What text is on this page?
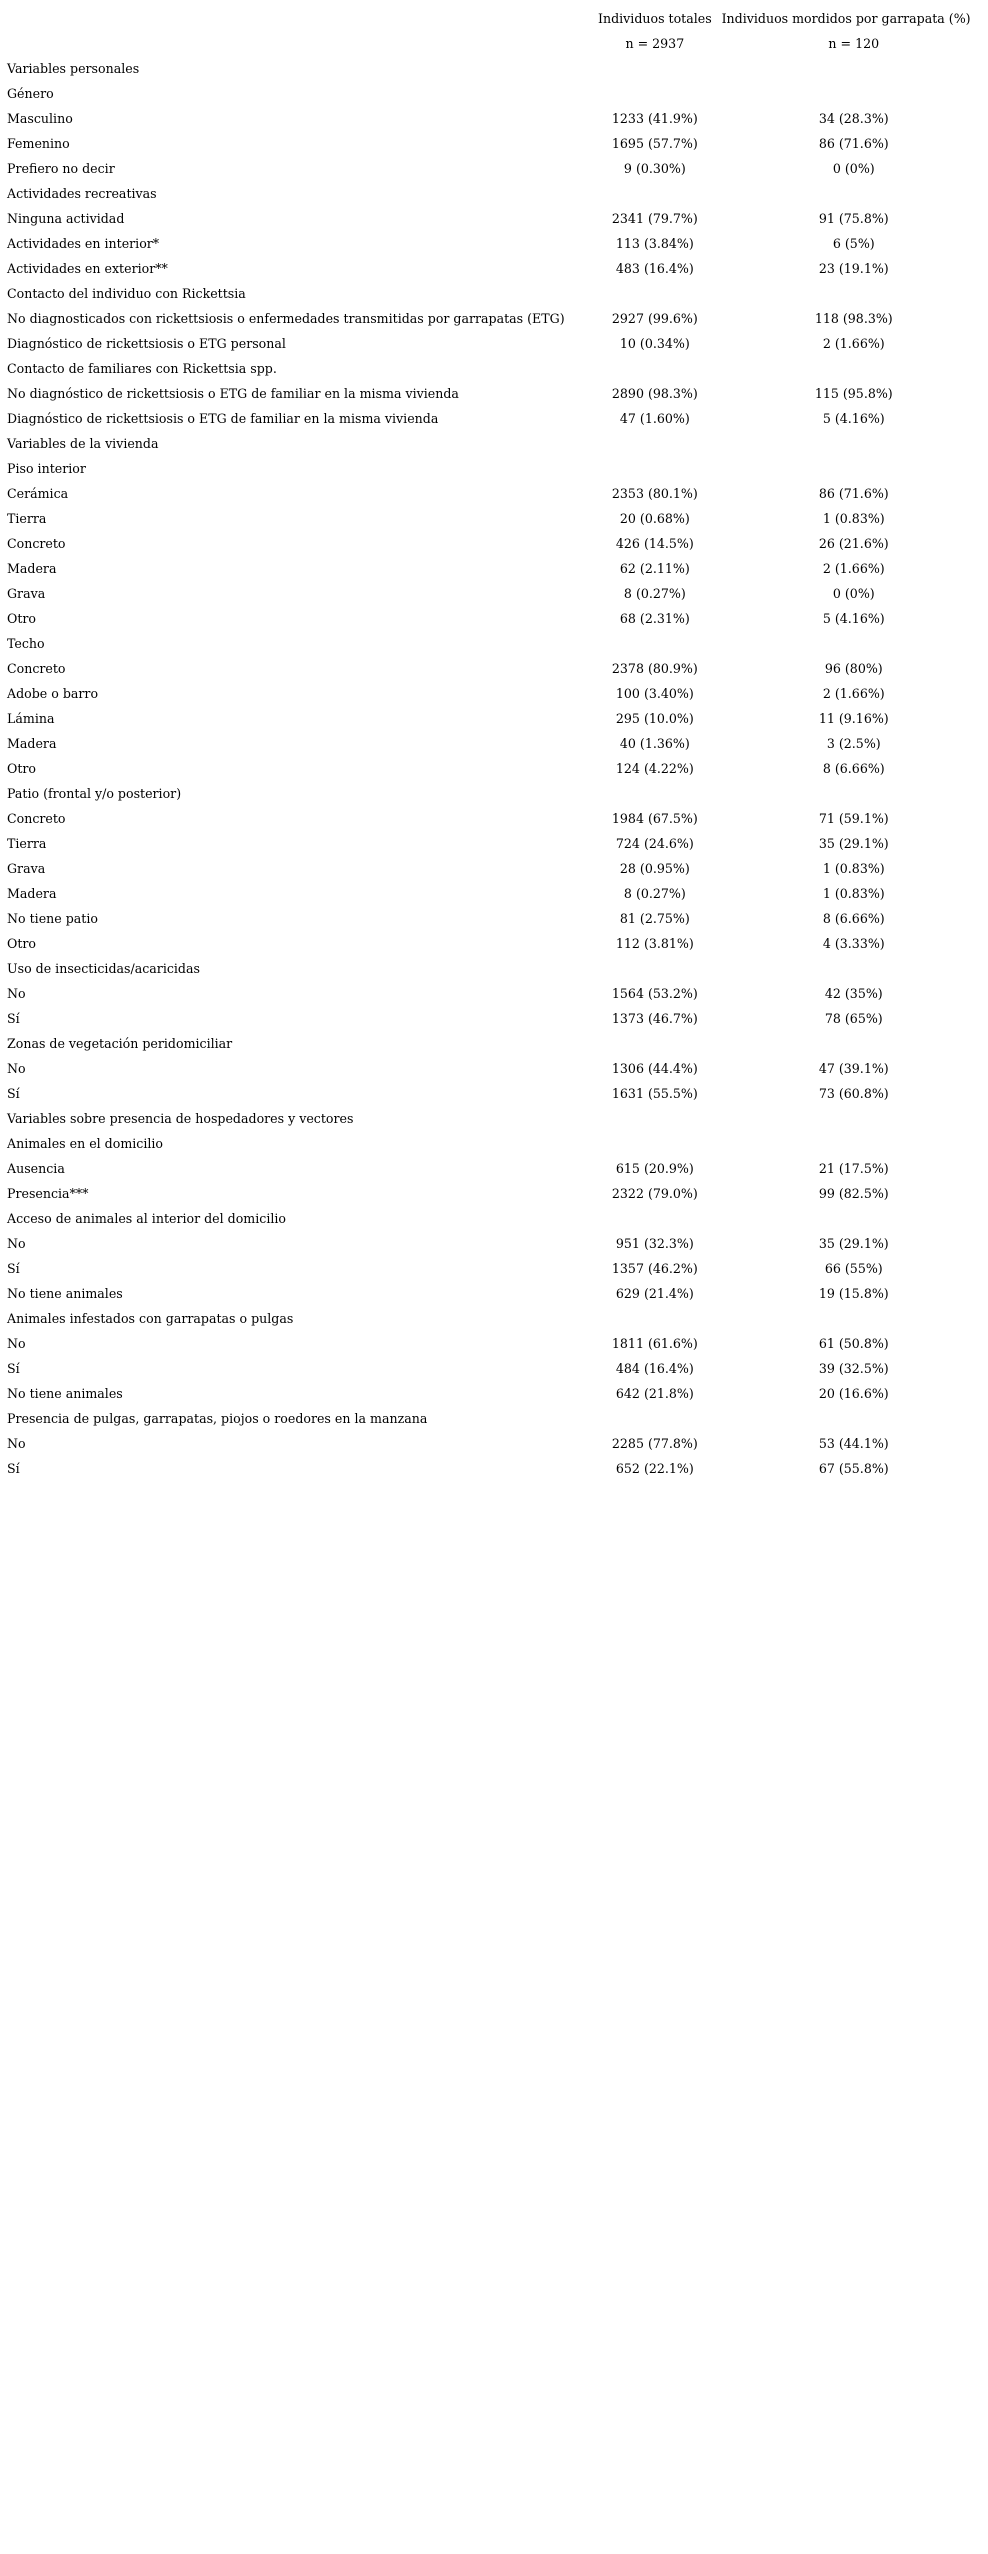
	Individuos totales	Individuos mordidos por garrapata (%)
	n = 2937	n = 120
Variables personales		
Género		
Masculino	1233 (41.9%)	34 (28.3%)
Femenino	1695 (57.7%)	86 (71.6%)
Prefiero no decir	9 (0.30%)	0 (0%)
Actividades recreativas		
Ninguna actividad	2341 (79.7%)	91 (75.8%)
Actividades en interior*	113 (3.84%)	6 (5%)
Actividades en exterior**	483 (16.4%)	23 (19.1%)
Contacto del individuo con Rickettsia		
No diagnosticados con rickettsiosis o enfermedades transmitidas por garrapatas (ETG)	2927 (99.6%)	118 (98.3%)
Diagnóstico de rickettsiosis o ETG personal	10 (0.34%)	2 (1.66%)
Contacto de familiares con Rickettsia spp.		
No diagnóstico de rickettsiosis o ETG de familiar en la misma vivienda	2890 (98.3%)	115 (95.8%)
Diagnóstico de rickettsiosis o ETG de familiar en la misma vivienda	47 (1.60%)	5 (4.16%)
Variables de la vivienda		
Piso interior		
Cerámica	2353 (80.1%)	86 (71.6%)
Tierra	20 (0.68%)	1 (0.83%)
Concreto	426 (14.5%)	26 (21.6%)
Madera	62 (2.11%)	2 (1.66%)
Grava	8 (0.27%)	0 (0%)
Otro	68 (2.31%)	5 (4.16%)
Techo		
Concreto	2378 (80.9%)	96 (80%)
Adobe o barro	100 (3.40%)	2 (1.66%)
Lámina	295 (10.0%)	11 (9.16%)
Madera	40 (1.36%)	3 (2.5%)
Otro	124 (4.22%)	8 (6.66%)
Patio (frontal y/o posterior)		
Concreto	1984 (67.5%)	71 (59.1%)
Tierra	724 (24.6%)	35 (29.1%)
Grava	28 (0.95%)	1 (0.83%)
Madera	8 (0.27%)	1 (0.83%)
No tiene patio	81 (2.75%)	8 (6.66%)
Otro	112 (3.81%)	4 (3.33%)
Uso de insecticidas/acaricidas		
No	1564 (53.2%)	42 (35%)
Sí	1373 (46.7%)	78 (65%)
Zonas de vegetación peridomiciliar		
No	1306 (44.4%)	47 (39.1%)
Sí	1631 (55.5%)	73 (60.8%)
Variables sobre presencia de hospedadores y vectores		
Animales en el domicilio		
Ausencia	615 (20.9%)	21 (17.5%)
Presencia***	2322 (79.0%)	99 (82.5%)
Acceso de animales al interior del domicilio		
No	951 (32.3%)	35 (29.1%)
Sí	1357 (46.2%)	66 (55%)
No tiene animales	629 (21.4%)	19 (15.8%)
Animales infestados con garrapatas o pulgas		
No	1811 (61.6%)	61 (50.8%)
Sí	484 (16.4%)	39 (32.5%)
No tiene animales	642 (21.8%)	20 (16.6%)
Presencia de pulgas, garrapatas, piojos o roedores en la manzana		
No	2285 (77.8%)	53 (44.1%)
Sí	652 (22.1%)	67 (55.8%)
